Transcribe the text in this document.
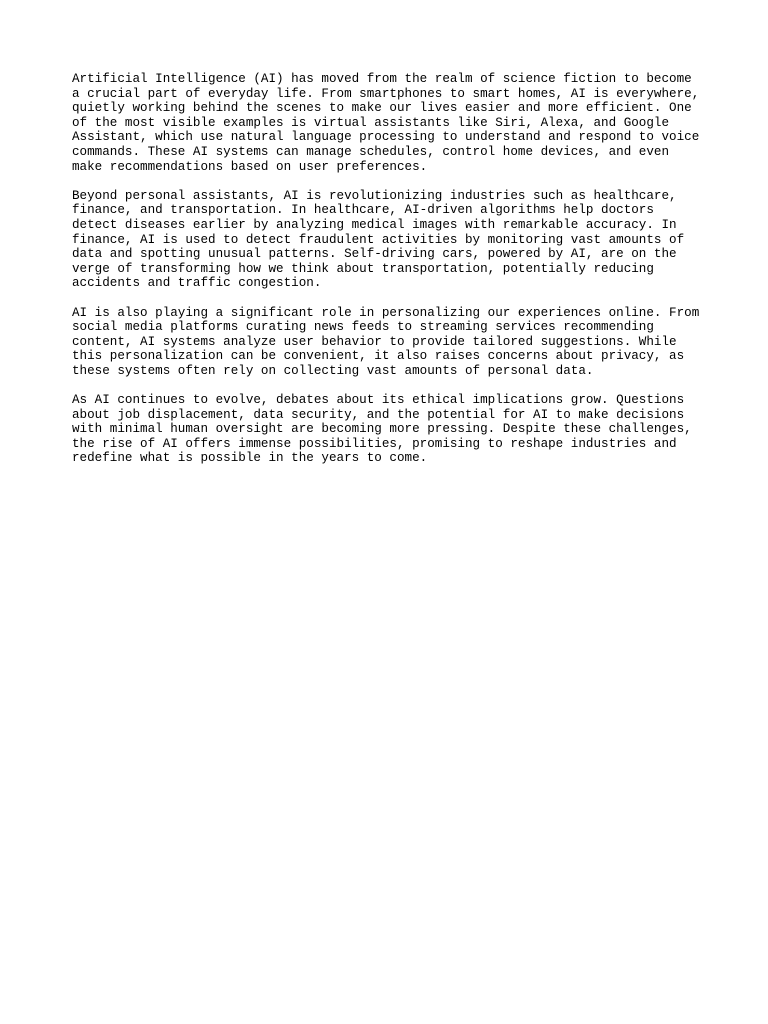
Artificial Intelligence (AI) has moved from the realm of science fiction to become
a crucial part of everyday life. From smartphones to smart homes, AI is everywhere,
quietly working behind the scenes to make our lives easier and more efficient. One
of the most visible examples is virtual assistants like Siri, Alexa, and Google
Assistant, which use natural language processing to understand and respond to voice
commands. These AI systems can manage schedules, control home devices, and even
make recommendations based on user preferences.

Beyond personal assistants, AI is revolutionizing industries such as healthcare,
finance, and transportation. In healthcare, AI-driven algorithms help doctors
detect diseases earlier by analyzing medical images with remarkable accuracy. In
finance, AI is used to detect fraudulent activities by monitoring vast amounts of
data and spotting unusual patterns. Self-driving cars, powered by AI, are on the
verge of transforming how we think about transportation, potentially reducing
accidents and traffic congestion.

AI is also playing a significant role in personalizing our experiences online. From
social media platforms curating news feeds to streaming services recommending
content, AI systems analyze user behavior to provide tailored suggestions. While
this personalization can be convenient, it also raises concerns about privacy, as
these systems often rely on collecting vast amounts of personal data.

As AI continues to evolve, debates about its ethical implications grow. Questions
about job displacement, data security, and the potential for AI to make decisions
with minimal human oversight are becoming more pressing. Despite these challenges,
the rise of AI offers immense possibilities, promising to reshape industries and
redefine what is possible in the years to come.
